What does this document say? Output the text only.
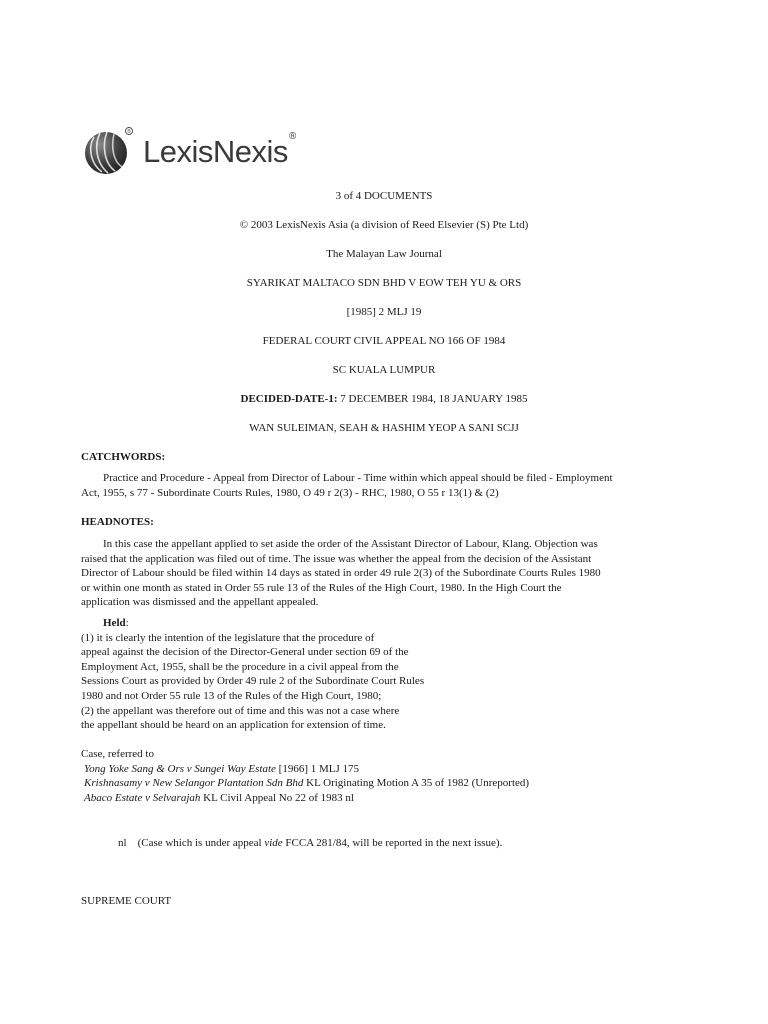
®
LexisNexis ®
3 of 4 DOCUMENTS
© 2003 LexisNexis Asia (a division of Reed Elsevier (S) Pte Ltd)
The Malayan Law Journal
SYARIKAT MALTACO SDN BHD V EOW TEH YU & ORS
[1985] 2 MLJ 19
FEDERAL COURT CIVIL APPEAL NO 166 OF 1984
SC KUALA LUMPUR
DECIDED-DATE-1: 7 DECEMBER 1984, 18 JANUARY 1985
WAN SULEIMAN, SEAH & HASHIM YEOP A SANI SCJJ
CATCHWORDS:
Practice and Procedure - Appeal from Director of Labour - Time within which appeal should be filed - Employment
Act, 1955, s 77 - Subordinate Courts Rules, 1980, O 49 r 2(3) - RHC, 1980, O 55 r 13(1) & (2)
HEADNOTES:
In this case the appellant applied to set aside the order of the Assistant Director of Labour, Klang. Objection was
raised that the application was filed out of time. The issue was whether the appeal from the decision of the Assistant
Director of Labour should be filed within 14 days as stated in order 49 rule 2(3) of the Subordinate Courts Rules 1980
or within one month as stated in Order 55 rule 13 of the Rules of the High Court, 1980. In the High Court the
application was dismissed and the appellant appealed.
Held:
(1) it is clearly the intention of the legislature that the procedure of
appeal against the decision of the Director-General under section 69 of the
Employment Act, 1955, shall be the procedure in a civil appeal from the
Sessions Court as provided by Order 49 rule 2 of the Subordinate Court Rules
1980 and not Order 55 rule 13 of the Rules of the High Court, 1980;
(2) the appellant was therefore out of time and this was not a case where
the appellant should be heard on an application for extension of time.
Case, referred to
Yong Yoke Sang & Ors v Sungei Way Estate [1966] 1 MLJ 175
Krishnasamy v New Selangor Plantation Sdn Bhd KL Originating Motion A 35 of 1982 (Unreported)
Abaco Estate v Selvarajah KL Civil Appeal No 22 of 1983 nl
nl    (Case which is under appeal vide FCCA 281/84, will be reported in the next issue).
SUPREME COURT
